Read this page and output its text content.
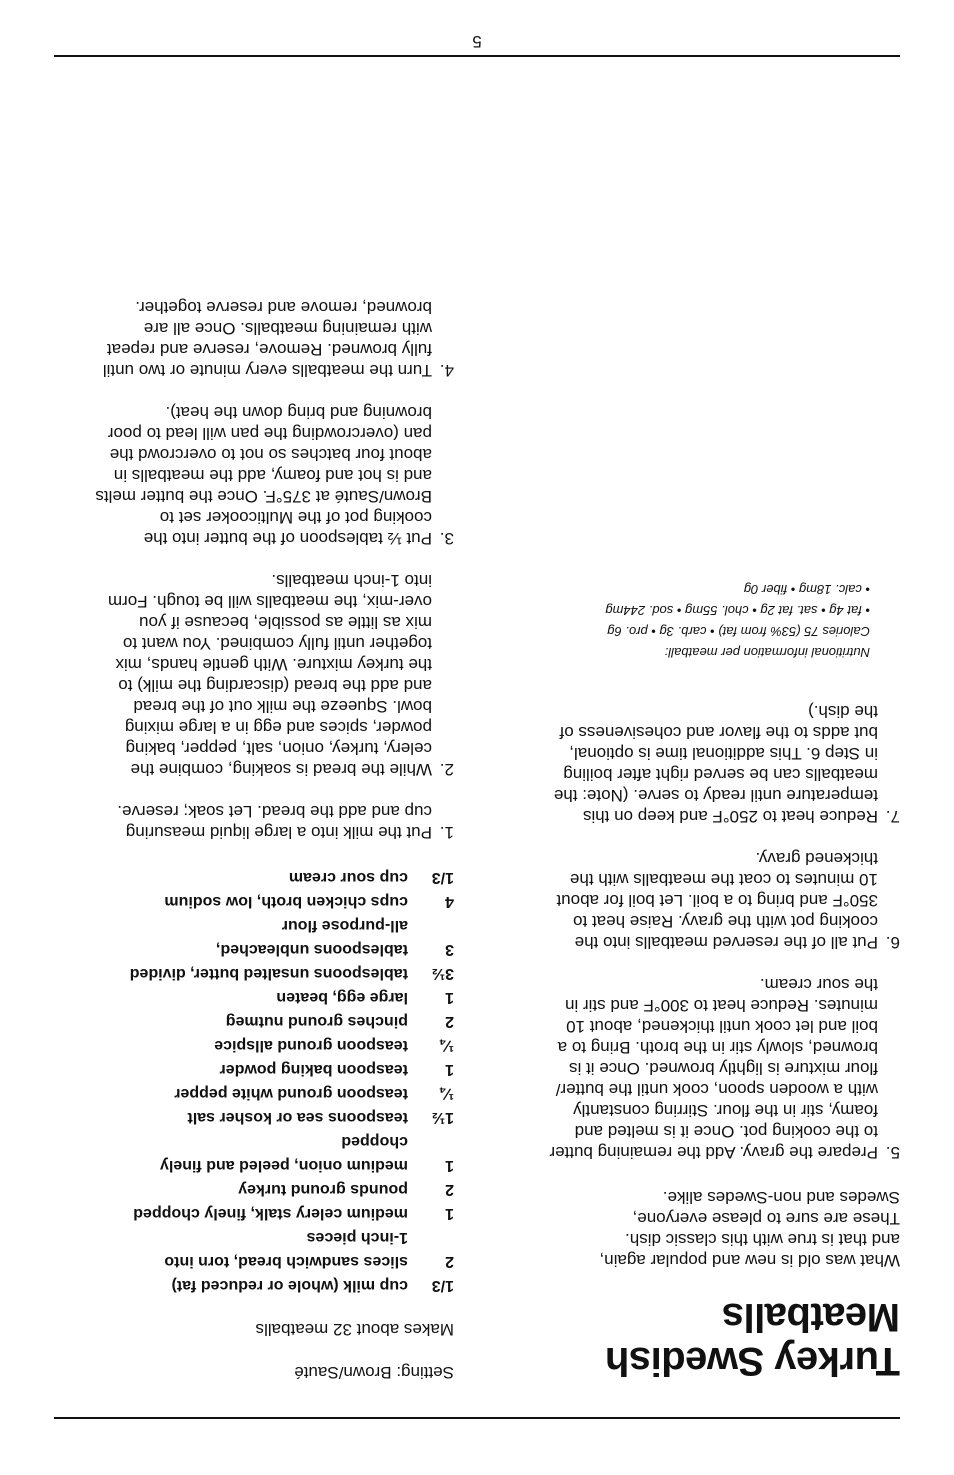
Turkey Swedish Meatballs
What was old is new and popular again,
and that is true with this classic dish.
These are sure to please everyone,
Swedes and non-Swedes alike.
5.
Prepare the gravy. Add the remaining butter
to the cooking pot. Once it is melted and
foamy, stir in the flour. Stirring constantly
with a wooden spoon, cook until the butter/
flour mixture is lightly browned. Once it is
browned, slowly stir in the broth. Bring to a
boil and let cook until thickened, about 10
minutes. Reduce heat to 300°F and stir in
the sour cream.
6.
Put all of the reserved meatballs into the
cooking pot with the gravy. Raise heat to
350°F and bring to a boil. Let boil for about
10 minutes to coat the meatballs with the
thickened gravy.
7.
Reduce heat to 250°F and keep on this
temperature until ready to serve. (Note: the
meatballs can be served right after boiling
in Step 6. This additional time is optional,
but adds to the flavor and cohesiveness of
the dish.)
Nutritional information per meatball:
Calories 75 (53% from fat) • carb. 3g • pro. 6g
• fat 4g • sat. fat 2g • chol. 55mg • sod. 244mg
• calc. 18mg • fiber 0g
Setting: Brown/Sauté
Makes about 32 meatballs
1/3
cup milk (whole or reduced fat)
2
slices sandwich bread, torn into
1-inch pieces
1
medium celery stalk, finely chopped
2
pounds ground turkey
1
medium onion, peeled and finely
chopped
1½
teaspoons sea or kosher salt
¼
teaspoon ground white pepper
1
teaspoon baking powder
¼
teaspoon ground allspice
2
pinches ground nutmeg
1
large egg, beaten
3½
tablespoons unsalted butter, divided
3
tablespoons unbleached,
all-purpose flour
4
cups chicken broth, low sodium
1/3
cup sour cream
1.
Put the milk into a large liquid measuring
cup and add the bread. Let soak; reserve.
2.
While the bread is soaking, combine the
celery, turkey, onion, salt, pepper, baking
powder, spices and egg in a large mixing
bowl. Squeeze the milk out of the bread
and add the bread (discarding the milk) to
the turkey mixture. With gentle hands, mix
together until fully combined. You want to
mix as little as possible, because if you
over-mix, the meatballs will be tough. Form
into 1-inch meatballs.
3.
Put ½ tablespoon of the butter into the
cooking pot of the Multicooker set to
Brown/Sauté at 375°F. Once the butter melts
and is hot and foamy, add the meatballs in
about four batches so not to overcrowd the
pan (overcrowding the pan will lead to poor
browning and bring down the heat).
4.
Turn the meatballs every minute or two until
fully browned. Remove, reserve and repeat
with remaining meatballs. Once all are
browned, remove and reserve together.
5
